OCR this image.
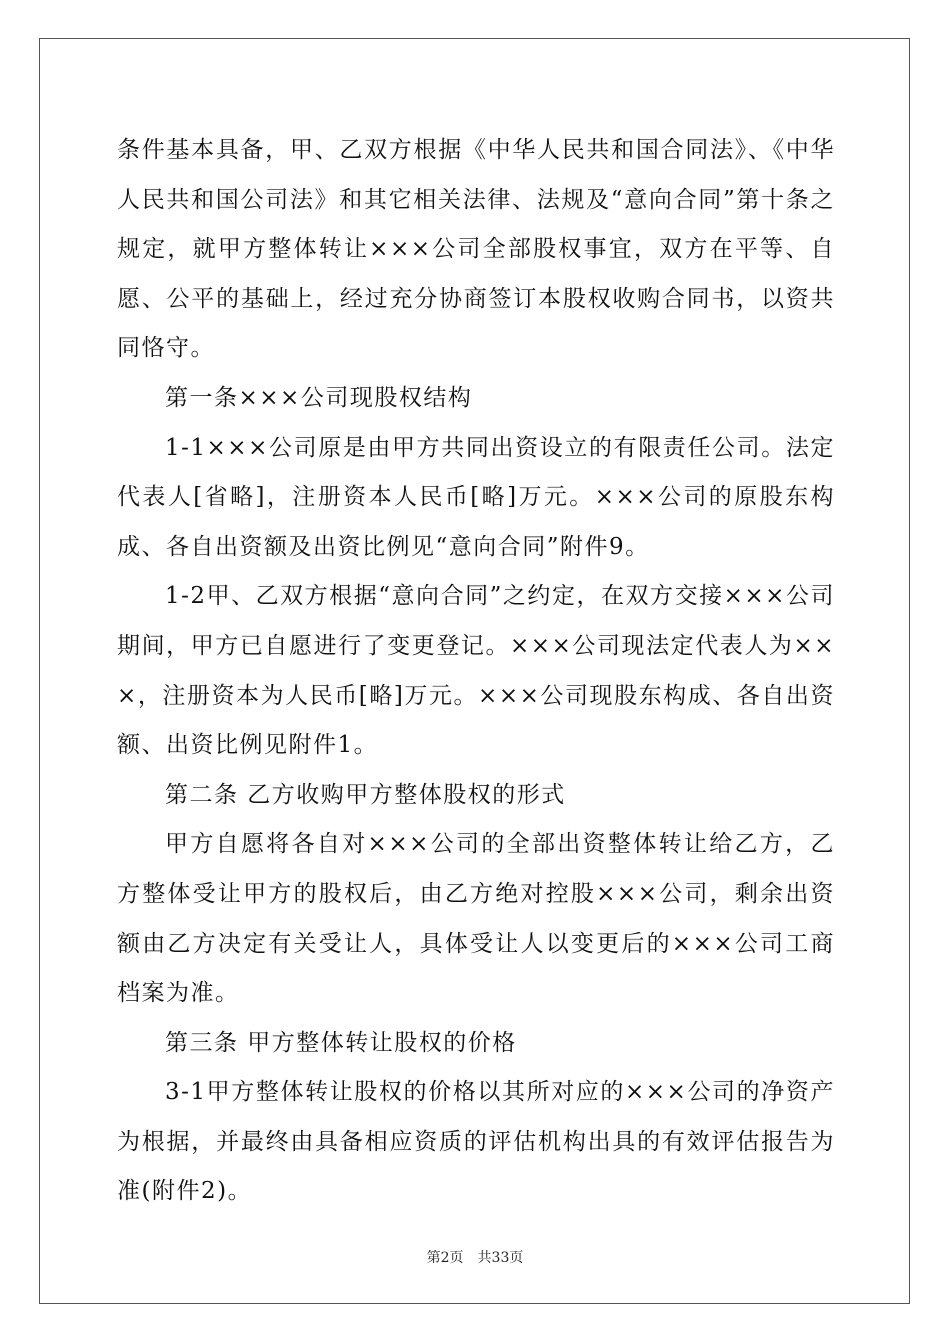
条件基本具备，甲、乙双方根据《中华人民共和国合同法》、《中华人民共和国公司法》和其它相关法律、法规及“意向合同”第十条之规定，就甲方整体转让×××公司全部股权事宜，双方在平等、自愿、公平的基础上，经过充分协商签订本股权收购合同书，以资共同恪守。

第一条×××公司现股权结构

1-1×××公司原是由甲方共同出资设立的有限责任公司。法定代表人[省略]，注册资本人民币[略]万元。×××公司的原股东构成、各自出资额及出资比例见“意向合同”附件9。

1-2甲、乙双方根据“意向合同”之约定，在双方交接×××公司期间，甲方已自愿进行了变更登记。×××公司现法定代表人为×××，注册资本为人民币[略]万元。×××公司现股东构成、各自出资额、出资比例见附件1。

第二条 乙方收购甲方整体股权的形式

甲方自愿将各自对×××公司的全部出资整体转让给乙方，乙方整体受让甲方的股权后，由乙方绝对控股×××公司，剩余出资额由乙方决定有关受让人，具体受让人以变更后的×××公司工商档案为准。

第三条 甲方整体转让股权的价格

3-1甲方整体转让股权的价格以其所对应的×××公司的净资产为根据，并最终由具备相应资质的评估机构出具的有效评估报告为准(附件2)。

第2页 共33页
